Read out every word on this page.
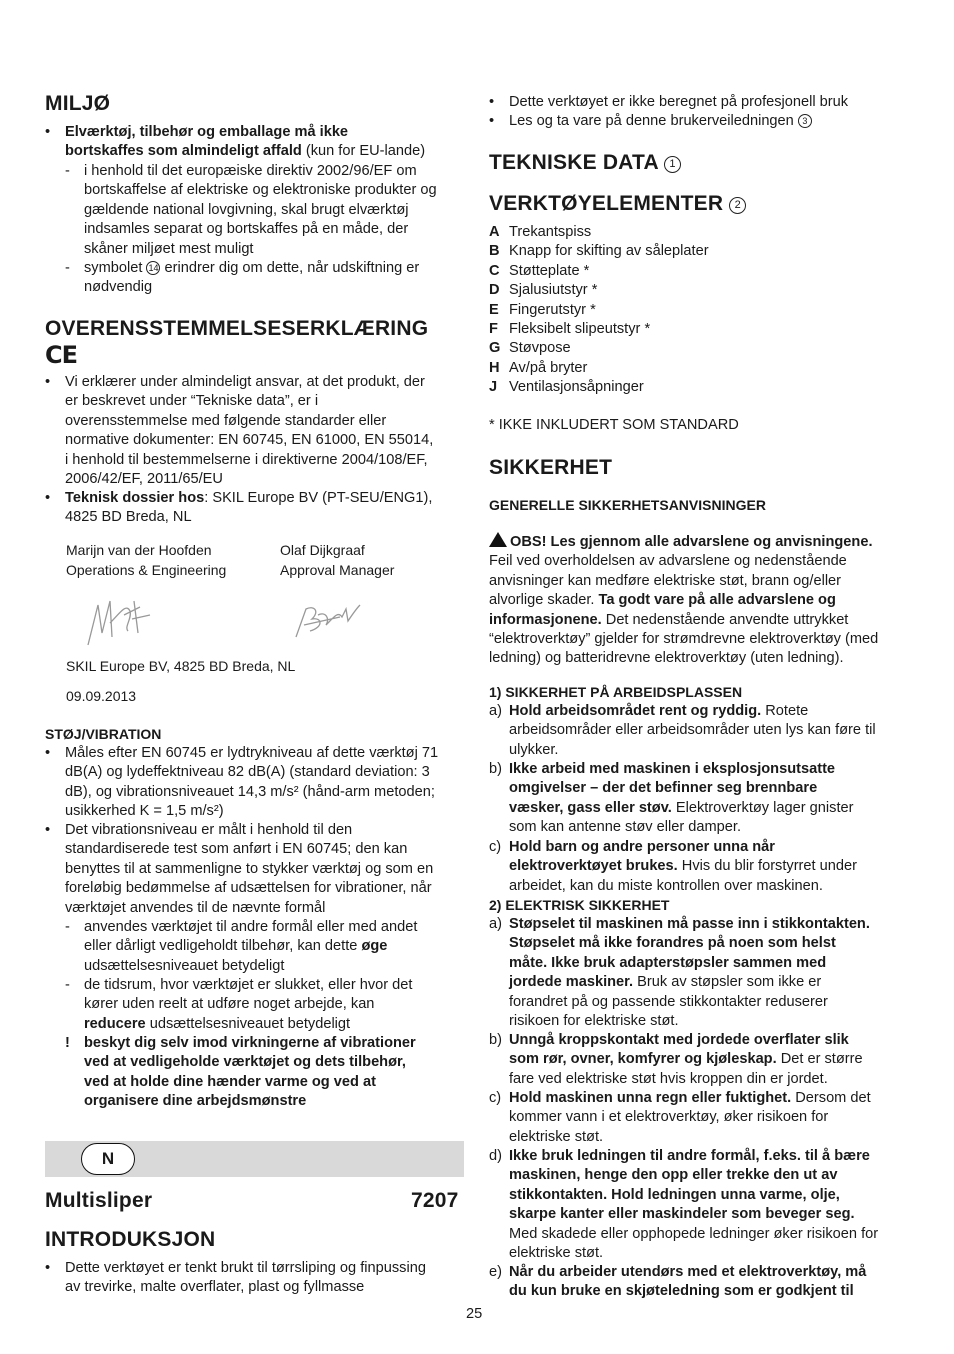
MILJØ
• Elværktøj, tilbehør og emballage må ikke
bortskaffes som almindeligt affald (kun for EU-lande)
- i henhold til det europæiske direktiv 2002/96/EF om
bortskaffelse af elektriske og elektroniske produkter og
gældende national lovgivning, skal brugt elværktøj
indsamles separat og bortskaffes på en måde, der
skåner miljøet mest muligt
- symbolet 14 erindrer dig om dette, når udskiftning er
nødvendig
OVERENSSTEMMELSESERKLÆRING
CE
• Vi erklærer under almindeligt ansvar, at det produkt, der
er beskrevet under “Tekniske data”, er i
overensstemmelse med følgende standarder eller
normative dokumenter: EN 60745, EN 61000, EN 55014,
i henhold til bestemmelserne i direktiverne 2004/108/EF,
2006/42/EF, 2011/65/EU
• Teknisk dossier hos: SKIL Europe BV (PT-SEU/ENG1),
4825 BD Breda, NL
Marijn van der Hoofden
Operations & Engineering
Olaf Dijkgraaf
Approval Manager
SKIL Europe BV, 4825 BD Breda, NL
09.09.2013
STØJ/VIBRATION
• Måles efter EN 60745 er lydtrykniveau af dette værktøj 71
dB(A) og lydeffektniveau 82 dB(A) (standard deviation: 3
dB), og vibrationsniveauet 14,3 m/s² (hånd-arm metoden;
usikkerhed K = 1,5 m/s²)
• Det vibrationsniveau er målt i henhold til den
standardiserede test som anført i EN 60745; den kan
benyttes til at sammenligne to stykker værktøj og som en
foreløbig bedømmelse af udsættelsen for vibrationer, når
værktøjet anvendes til de nævnte formål
- anvendes værktøjet til andre formål eller med andet
eller dårligt vedligeholdt tilbehør, kan dette øge
udsættelsesniveauet betydeligt
- de tidsrum, hvor værktøjet er slukket, eller hvor det
kører uden reelt at udføre noget arbejde, kan
reducere udsættelsesniveauet betydeligt
! beskyt dig selv imod virkningerne af vibrationer
ved at vedligeholde værktøjet og dets tilbehør,
ved at holde dine hænder varme og ved at
organisere dine arbejdsmønstre
N
Multisliper	7207
INTRODUKSJON
• Dette verktøyet er tenkt brukt til tørrsliping og finpussing
av trevirke, malte overflater, plast og fyllmasse
• Dette verktøyet er ikke beregnet på profesjonell bruk
• Les og ta vare på denne brukerveiledningen 3
TEKNISKE DATA 1
VERKTØYELEMENTER 2
A Trekantspiss
B Knapp for skifting av såleplater
C Støtteplate *
D Sjalusiutstyr *
E Fingerutstyr *
F Fleksibelt slipeutstyr *
G Støvpose
H Av/på bryter
J Ventilasjonsåpninger
* IKKE INKLUDERT SOM STANDARD
SIKKERHET
GENERELLE SIKKERHETSANVISNINGER
OBS! Les gjennom alle advarslene og anvisningene.
Feil ved overholdelsen av advarslene og nedenstående
anvisninger kan medføre elektriske støt, brann og/eller
alvorlige skader. Ta godt vare på alle advarslene og
informasjonene. Det nedenstående anvendte uttrykket
“elektroverktøy” gjelder for strømdrevne elektroverktøy (med
ledning) og batteridrevne elektroverktøy (uten ledning).
1) SIKKERHET PÅ ARBEIDSPLASSEN
a) Hold arbeidsområdet rent og ryddig. Rotete
arbeidsområder eller arbeidsområder uten lys kan føre til
ulykker.
b) Ikke arbeid med maskinen i eksplosjonsutsatte
omgivelser – der det befinner seg brennbare
væsker, gass eller støv. Elektroverktøy lager gnister
som kan antenne støv eller damper.
c) Hold barn og andre personer unna når
elektroverktøyet brukes. Hvis du blir forstyrret under
arbeidet, kan du miste kontrollen over maskinen.
2) ELEKTRISK SIKKERHET
a) Støpselet til maskinen må passe inn i stikkontakten.
Støpselet må ikke forandres på noen som helst
måte. Ikke bruk adapterstøpsler sammen med
jordede maskiner. Bruk av støpsler som ikke er
forandret på og passende stikkontakter reduserer
risikoen for elektriske støt.
b) Unngå kroppskontakt med jordede overflater slik
som rør, ovner, komfyrer og kjøleskap. Det er større
fare ved elektriske støt hvis kroppen din er jordet.
c) Hold maskinen unna regn eller fuktighet. Dersom det
kommer vann i et elektroverktøy, øker risikoen for
elektriske støt.
d) Ikke bruk ledningen til andre formål, f.eks. til å bære
maskinen, henge den opp eller trekke den ut av
stikkontakten. Hold ledningen unna varme, olje,
skarpe kanter eller maskindeler som beveger seg.
Med skadede eller opphopede ledninger øker risikoen for
elektriske støt.
e) Når du arbeider utendørs med et elektroverktøy, må
du kun bruke en skjøteledning som er godkjent til
25
